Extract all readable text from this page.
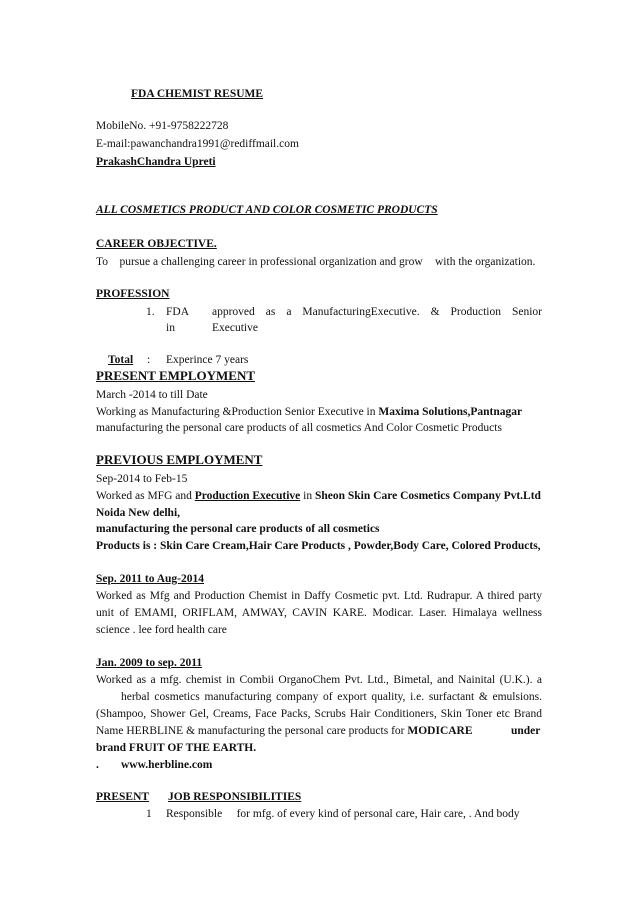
FDA CHEMIST RESUME
MobileNo. +91-9758222728
E-mail:pawanchandra1991@rediffmail.com
PrakashChandra Upreti
ALL COSMETICS PRODUCT AND COLOR COSMETIC PRODUCTS
CAREER OBJECTIVE.
To    pursue a challenging career in professional organization and grow with the organization.
PROFESSION
1. FDA approved as a ManufacturingExecutive. & Production Senior Executive
in
Total : Experince 7 years
PRESENT EMPLOYMENT
March -2014 to till Date
Working as Manufacturing &Production Senior Executive in Maxima Solutions,Pantnagar
manufacturing the personal care products of all cosmetics And Color Cosmetic Products
PREVIOUS EMPLOYMENT
Sep-2014 to Feb-15
Worked as MFG and Production Executive in Sheon Skin Care Cosmetics Company Pvt.Ltd
Noida New delhi,
manufacturing the personal care products of all cosmetics
Products is : Skin Care Cream,Hair Care Products , Powder,Body Care, Colored Products,
Sep. 2011 to Aug-2014
Worked as Mfg and Production Chemist in Daffy Cosmetic pvt. Ltd. Rudrapur. A thired party
unit of EMAMI, ORIFLAM, AMWAY, CAVIN KARE. Modicar. Laser. Himalaya wellness
science . lee ford health care
Jan. 2009 to sep. 2011
Worked as a mfg. chemist in Combii OrganoChem Pvt. Ltd., Bimetal, and Nainital (U.K.). a
herbal cosmetics manufacturing company of export quality, i.e. surfactant & emulsions.
(Shampoo, Shower Gel, Creams, Face Packs, Scrubs Hair Conditioners, Skin Toner etc Brand
Name HERBLINE & manufacturing the personal care products for MODICARE	under
brand FRUIT OF THE EARTH.
. www.herbline.com
PRESENT JOB RESPONSIBILITIES
1 Responsible     for mfg. of every kind of personal care, Hair care, . And body
